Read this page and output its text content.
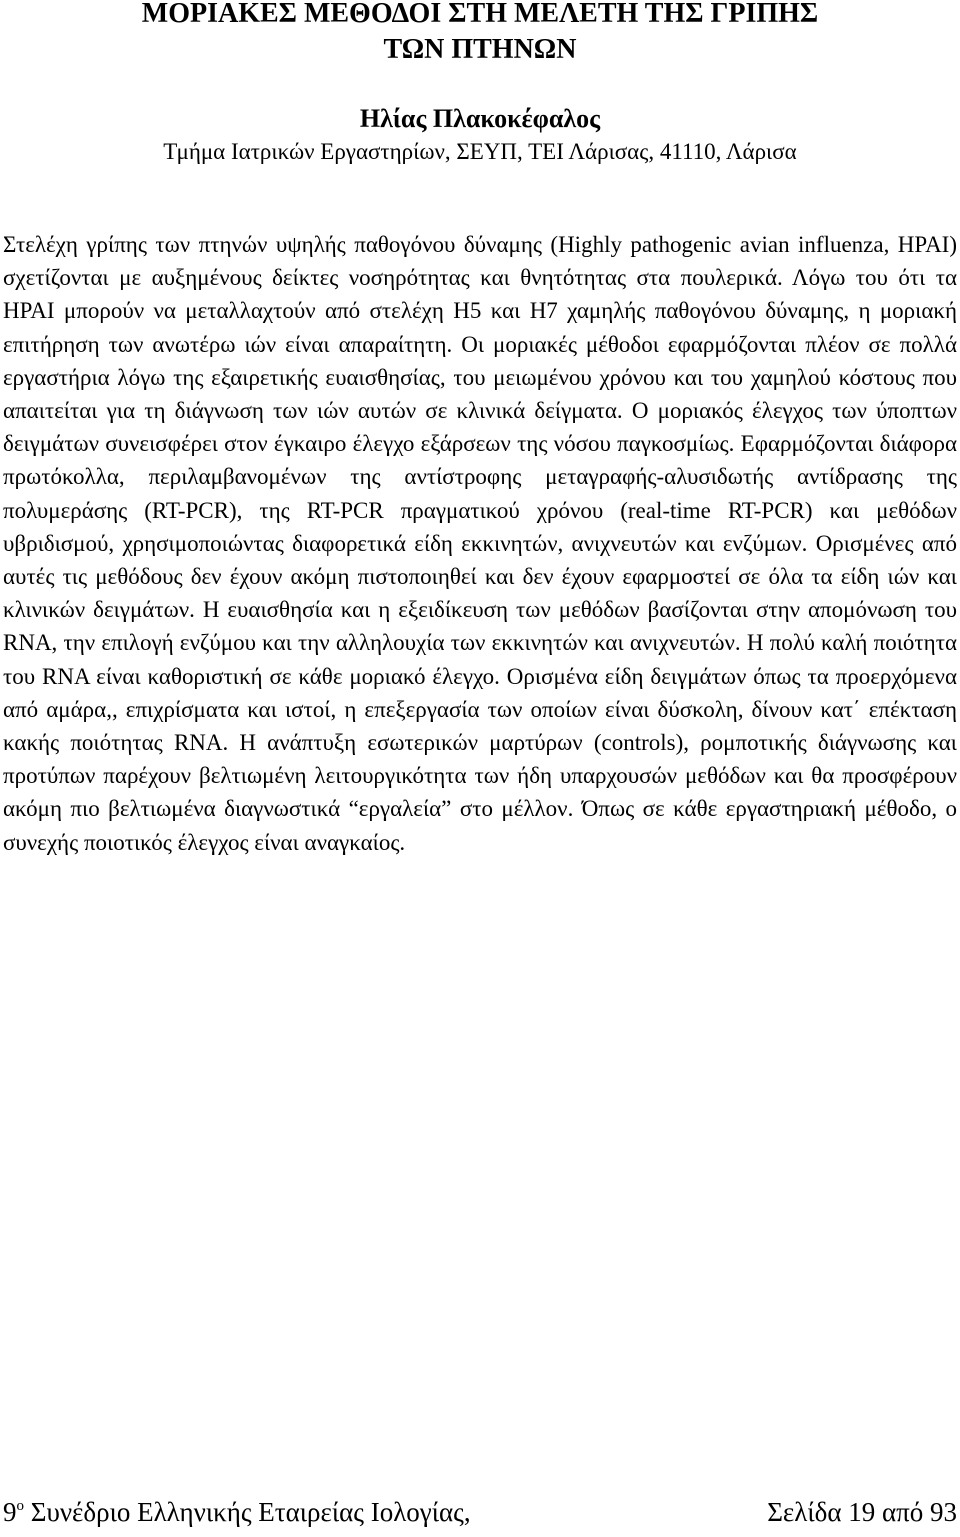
ΜΟΡΙΑΚΕΣ ΜΕΘΟΔΟΙ ΣΤΗ ΜΕΛΕΤΗ ΤΗΣ ΓΡΙΠΗΣ
ΤΩΝ ΠΤΗΝΩΝ

Ηλίας Πλακοκέφαλος

Τμήμα Ιατρικών Εργαστηρίων, ΣΕΥΠ, ΤΕΙ Λάρισας, 41110, Λάρισα

Στελέχη γρίπης των πτηνών υψηλής παθογόνου δύναμης (Highly pathogenic avian influenza, HPAI) σχετίζονται με αυξημένους δείκτες νοσηρότητας και θνητότητας στα πουλερικά. Λόγω του ότι τα HPAI μπορούν να μεταλλαχτούν από στελέχη H5 και H7 χαμηλής παθογόνου δύναμης, η μοριακή επιτήρηση των ανωτέρω ιών είναι απαραίτητη. Οι μοριακές μέθοδοι εφαρμόζονται πλέον σε πολλά εργαστήρια λόγω της εξαιρετικής ευαισθησίας, του μειωμένου χρόνου και του χαμηλού κόστους που απαιτείται για τη διάγνωση των ιών αυτών σε κλινικά δείγματα. Ο μοριακός έλεγχος των ύποπτων δειγμάτων συνεισφέρει στον έγκαιρο έλεγχο εξάρσεων της νόσου παγκοσμίως. Εφαρμόζονται διάφορα πρωτόκολλα, περιλαμβανομένων της αντίστροφης μεταγραφής-αλυσιδωτής αντίδρασης της πολυμεράσης (RT-PCR), της RT-PCR πραγματικού χρόνου (real-time RT-PCR) και μεθόδων υβριδισμού, χρησιμοποιώντας διαφορετικά είδη εκκινητών, ανιχνευτών και ενζύμων. Ορισμένες από αυτές τις μεθόδους δεν έχουν ακόμη πιστοποιηθεί και δεν έχουν εφαρμοστεί σε όλα τα είδη ιών και κλινικών δειγμάτων. Η ευαισθησία και η εξειδίκευση των μεθόδων βασίζονται στην απομόνωση του RNA, την επιλογή ενζύμου και την αλληλουχία των εκκινητών και ανιχνευτών. Η πολύ καλή ποιότητα του RNA είναι καθοριστική σε κάθε μοριακό έλεγχο. Ορισμένα είδη δειγμάτων όπως τα προερχόμενα από αμάρα,, επιχρίσματα και ιστοί, η επεξεργασία των οποίων είναι δύσκολη, δίνουν κατ΄ επέκταση κακής ποιότητας RNA. Η ανάπτυξη εσωτερικών μαρτύρων (controls), ρομποτικής διάγνωσης και προτύπων παρέχουν βελτιωμένη λειτουργικότητα των ήδη υπαρχουσών μεθόδων και θα προσφέρουν ακόμη πιο βελτιωμένα διαγνωστικά “εργαλεία” στο μέλλον. Όπως σε κάθε εργαστηριακή μέθοδο, ο συνεχής ποιοτικός έλεγχος είναι αναγκαίος.

$9^o$ Συνέδριο Ελληνικής Εταιρείας Ιολογίας,	Σελίδα 19 από 93
